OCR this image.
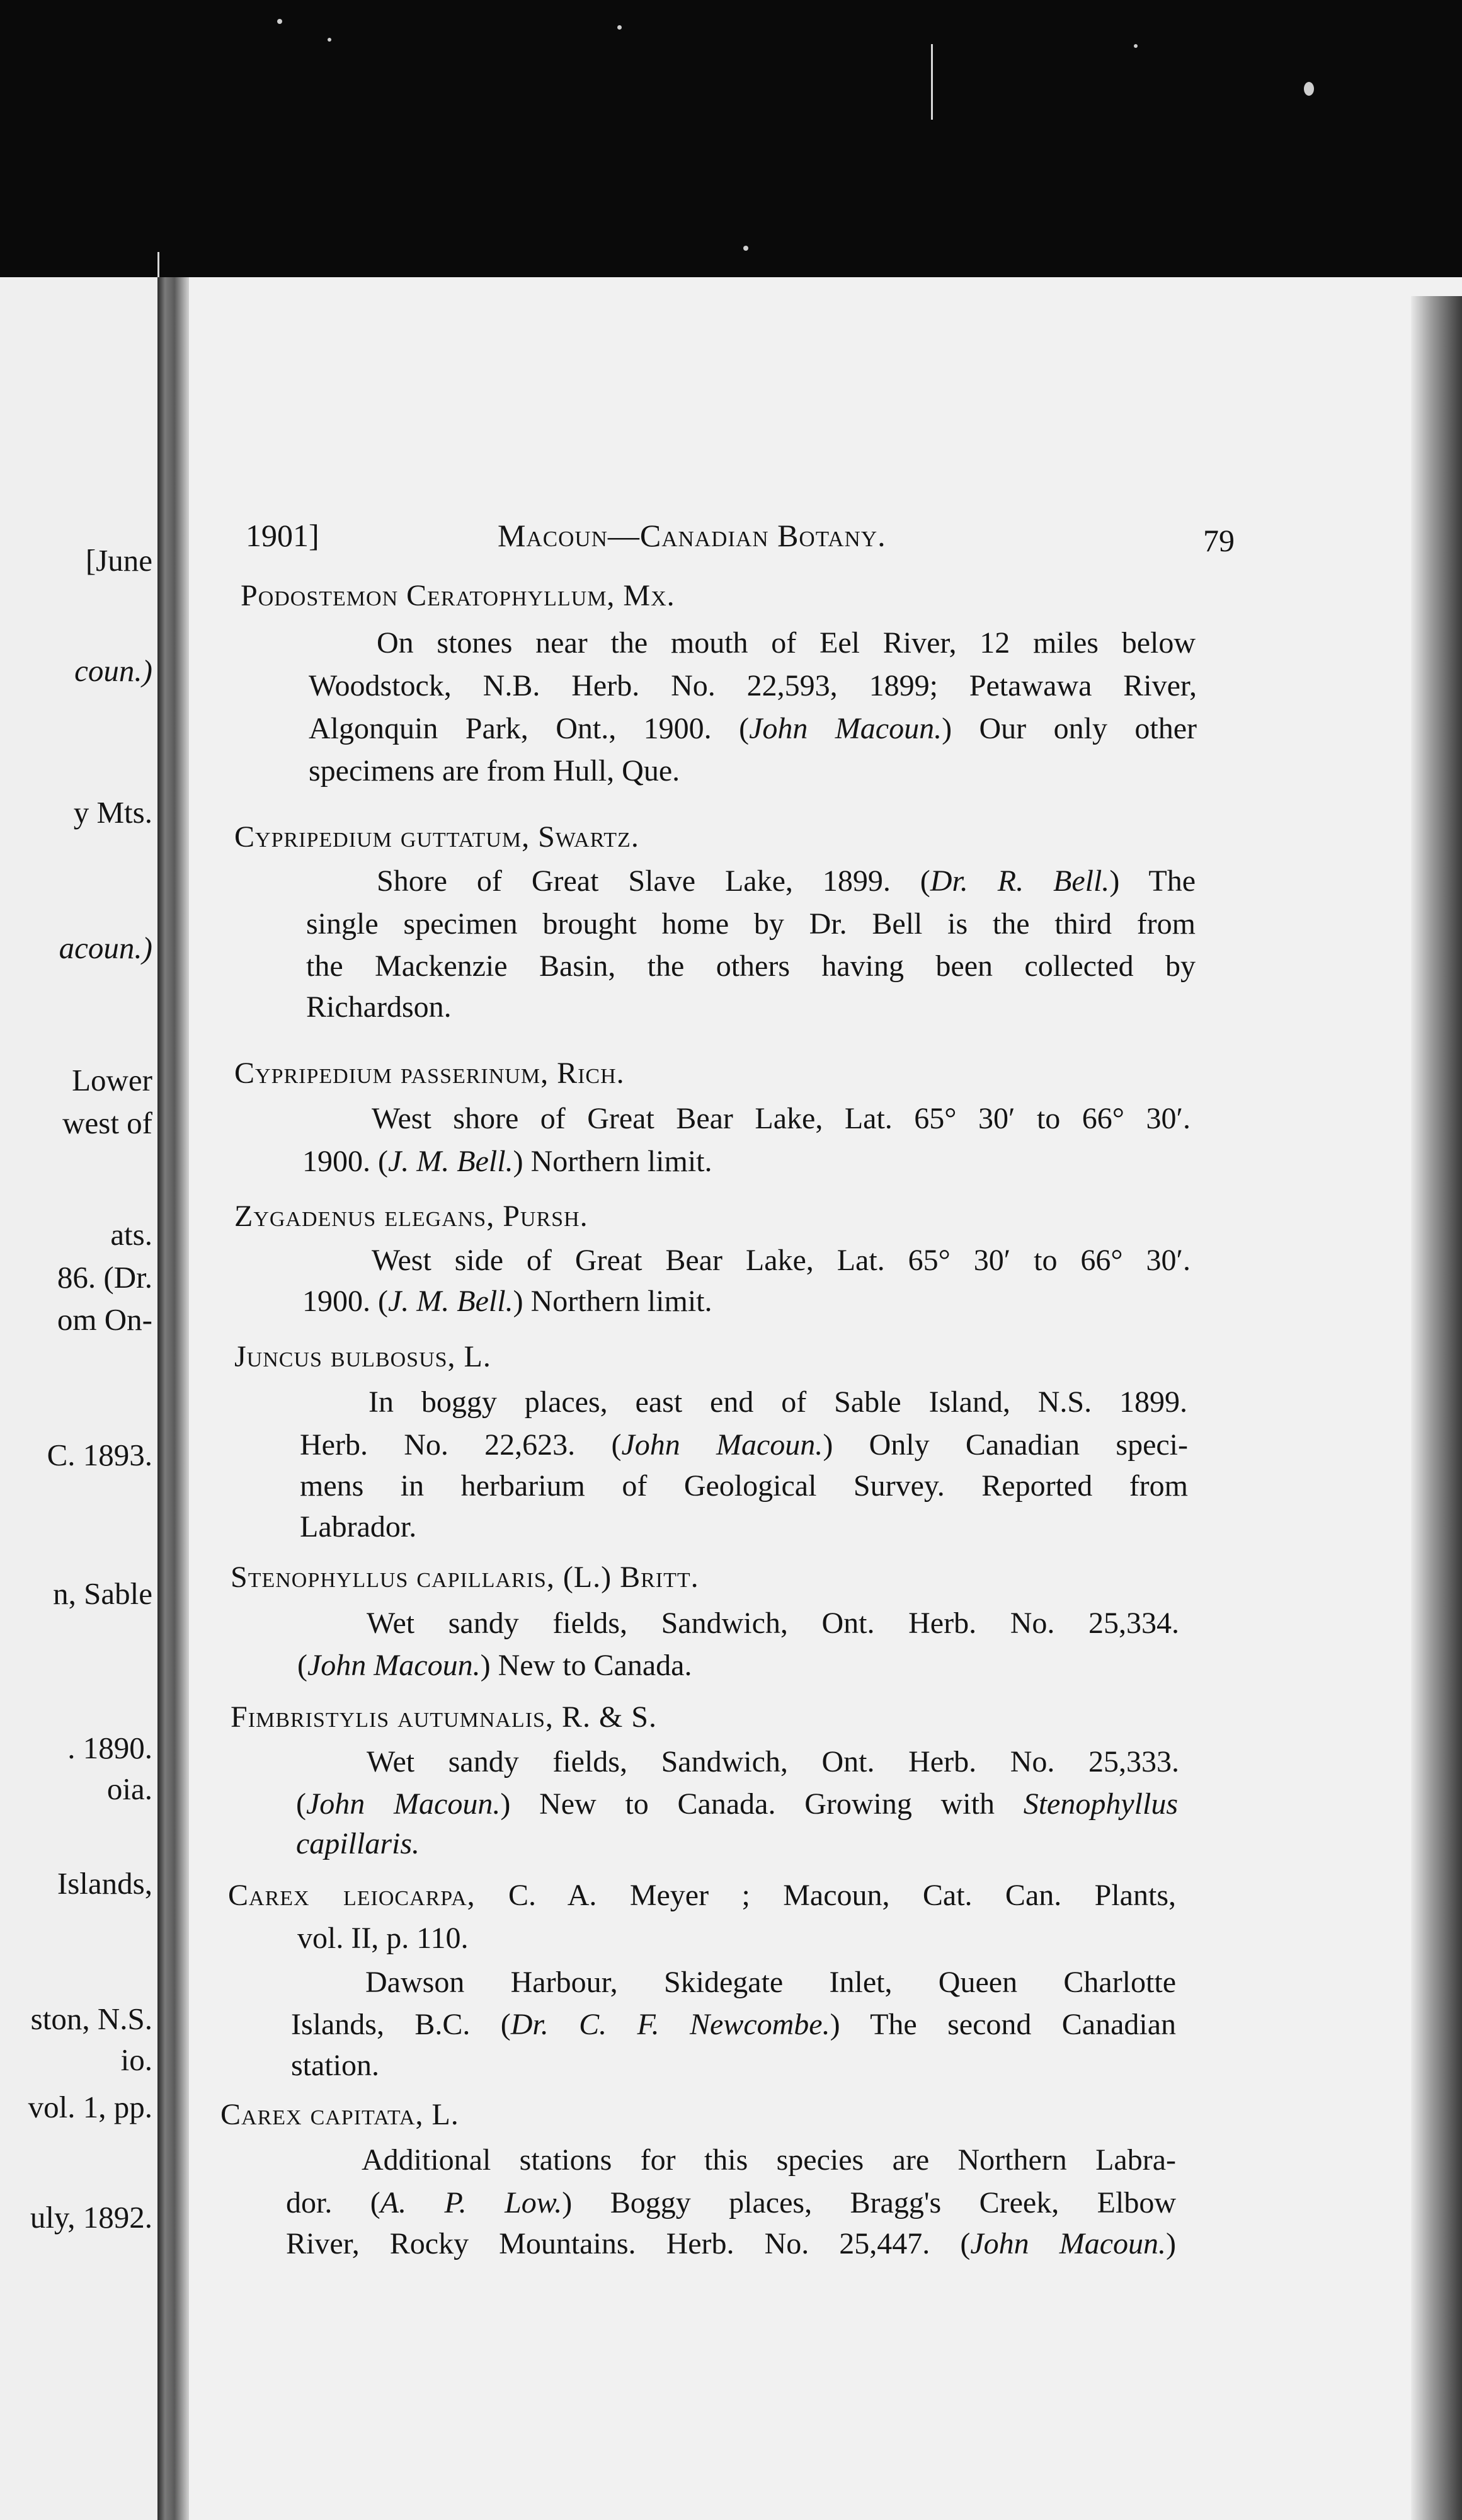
[June
coun.)
y Mts.
acoun.)
Lower
west of
ats.
86. (Dr.
om On-
C. 1893.
n, Sable
. 1890.
oia.
Islands,
ston, N.S.
io.
vol. 1, pp.
uly, 1892.
1901]	Macoun—Canadian Botany.	79
Podostemon Ceratophyllum, Mx.
On stones near the mouth of Eel River, 12 miles below
Woodstock, N.B. Herb. No. 22,593, 1899; Petawawa River,
Algonquin Park, Ont., 1900. (John Macoun.) Our only other
specimens are from Hull, Que.
Cypripedium guttatum, Swartz.
Shore of Great Slave Lake, 1899. (Dr. R. Bell.) The
single specimen brought home by Dr. Bell is the third from
the Mackenzie Basin, the others having been collected by
Richardson.
Cypripedium passerinum, Rich.
West shore of Great Bear Lake, Lat. 65° 30′ to 66° 30′.
1900. (J. M. Bell.) Northern limit.
Zygadenus elegans, Pursh.
West side of Great Bear Lake, Lat. 65° 30′ to 66° 30′.
1900. (J. M. Bell.) Northern limit.
Juncus bulbosus, L.
In boggy places, east end of Sable Island, N.S. 1899.
Herb. No. 22,623. (John Macoun.) Only Canadian speci-
mens in herbarium of Geological Survey. Reported from
Labrador.
Stenophyllus capillaris, (L.) Britt.
Wet sandy fields, Sandwich, Ont. Herb. No. 25,334.
(John Macoun.) New to Canada.
Fimbristylis autumnalis, R. & S.
Wet sandy fields, Sandwich, Ont. Herb. No. 25,333.
(John Macoun.) New to Canada. Growing with Stenophyllus
capillaris.
Carex leiocarpa, C. A. Meyer ; Macoun, Cat. Can. Plants,
vol. II, p. 110.
Dawson Harbour, Skidegate Inlet, Queen Charlotte
Islands, B.C. (Dr. C. F. Newcombe.) The second Canadian
station.
Carex capitata, L.
Additional stations for this species are Northern Labra-
dor. (A. P. Low.) Boggy places, Bragg's Creek, Elbow
River, Rocky Mountains. Herb. No. 25,447. (John Macoun.)
